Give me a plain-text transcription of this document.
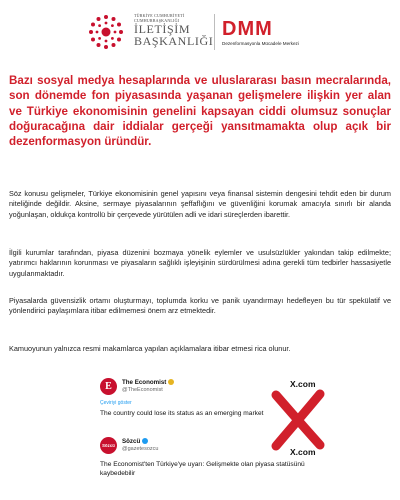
TÜRKİYE CUMHURİYETİ
CUMHURBAŞKANLIĞI
İLETİŞİM
BAŞKANLIĞI
DMM
Dezenformasyonla Mücadele Merkezi
Bazı sosyal medya hesaplarında ve uluslararası basın mecralarında, son dönemde fon piyasasında yaşanan gelişmelere ilişkin yer alan ve Türkiye ekonomisinin genelini kapsayan ciddi olumsuz sonuçlar doğuracağına dair iddialar gerçeği yansıtmamakta olup açık bir dezenformasyon üründür.

Söz konusu gelişmeler, Türkiye ekonomisinin genel yapısını veya finansal sistemin dengesini tehdit eden bir durum niteliğinde değildir. Aksine, sermaye piyasalarının şeffaflığını ve güvenliğini korumak amacıyla sınırlı bir alanda yoğunlaşan, oldukça kontrollü bir çerçevede yürütülen adli ve idari süreçlerden ibarettir.

İlgili kurumlar tarafından, piyasa düzenini bozmaya yönelik eylemler ve usulsüzlükler yakından takip edilmekte; yatırımcı haklarının korunması ve piyasaların sağlıklı işleyişinin sürdürülmesi adına gerekli tüm tedbirler hassasiyetle uygulanmaktadır.

Piyasalarda güvensizlik ortamı oluşturmayı, toplumda korku ve panik uyandırmayı hedefleyen bu tür spekülatif ve yönlendirici paylaşımlara itibar edilmemesi önem arz etmektedir.

Kamuoyunun yalnızca resmi makamlarca yapılan açıklamalara itibar etmesi rica olunur.

E	The Economist
@TheEconomist
Çeviriyi göster
The country could lose its status as an emerging market
Sözcü
Sözcü
@gazetesozcu
The Economist'ten Türkiye'ye uyarı: Gelişmekte olan piyasa statüsünü kaybedebilir
X.com
X.com
